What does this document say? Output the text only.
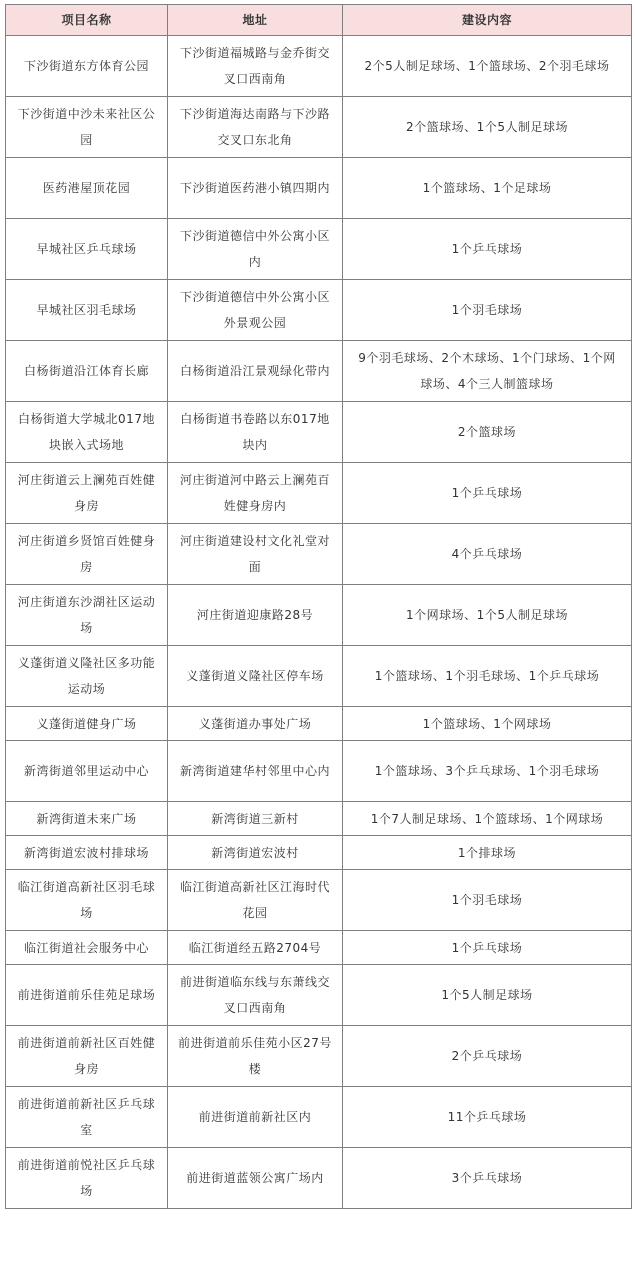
项目名称	地址	建设内容
下沙街道东方体育公园	下沙街道福城路与金乔街交叉口西南角	2个5人制足球场、1个篮球场、2个羽毛球场
下沙街道中沙未来社区公园	下沙街道海达南路与下沙路交叉口东北角	2个篮球场、1个5人制足球场
医药港屋顶花园	下沙街道医药港小镇四期内	1个篮球场、1个足球场
早城社区乒乓球场	下沙街道德信中外公寓小区内	1个乒乓球场
早城社区羽毛球场	下沙街道德信中外公寓小区外景观公园	1个羽毛球场
白杨街道沿江体育长廊	白杨街道沿江景观绿化带内	9个羽毛球场、2个木球场、1个门球场、1个网球场、4个三人制篮球场
白杨街道大学城北017地块嵌入式场地	白杨街道书卷路以东017地块内	2个篮球场
河庄街道云上澜苑百姓健身房	河庄街道河中路云上澜苑百姓健身房内	1个乒乓球场
河庄街道乡贤馆百姓健身房	河庄街道建设村文化礼堂对面	4个乒乓球场
河庄街道东沙湖社区运动场	河庄街道迎康路28号	1个网球场、1个5人制足球场
义蓬街道义隆社区多功能运动场	义蓬街道义隆社区停车场	1个篮球场、1个羽毛球场、1个乒乓球场
义蓬街道健身广场	义蓬街道办事处广场	1个篮球场、1个网球场
新湾街道邻里运动中心	新湾街道建华村邻里中心内	1个篮球场、3个乒乓球场、1个羽毛球场
新湾街道未来广场	新湾街道三新村	1个7人制足球场、1个篮球场、1个网球场
新湾街道宏波村排球场	新湾街道宏波村	1个排球场
临江街道高新社区羽毛球场	临江街道高新社区江海时代花园	1个羽毛球场
临江街道社会服务中心	临江街道经五路2704号	1个乒乓球场
前进街道前乐佳苑足球场	前进街道临东线与东萧线交叉口西南角	1个5人制足球场
前进街道前新社区百姓健身房	前进街道前乐佳苑小区27号楼	2个乒乓球场
前进街道前新社区乒乓球室	前进街道前新社区内	11个乒乓球场
前进街道前悦社区乒乓球场	前进街道蓝领公寓广场内	3个乒乓球场
